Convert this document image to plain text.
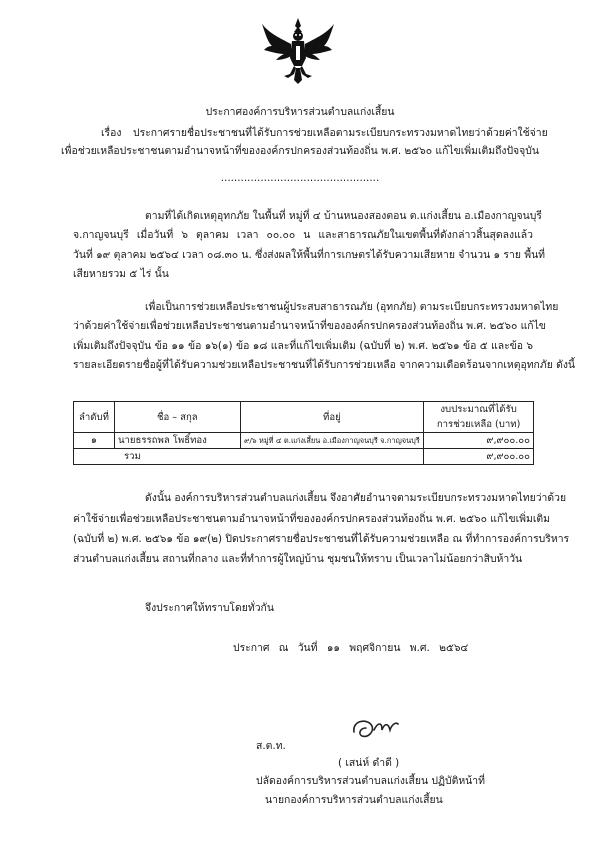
ประกาศองค์การบริหารส่วนตำบลแก่งเสี้ยน
เรื่อง ประกาศรายชื่อประชาชนที่ได้รับการช่วยเหลือตามระเบียบกระทรวงมหาดไทยว่าด้วยค่าใช้จ่าย
เพื่อช่วยเหลือประชาชนตามอำนาจหน้าที่ขององค์กรปกครองส่วนท้องถิ่น พ.ศ. ๒๕๖๐ แก้ไขเพิ่มเติมถึงปัจจุบัน
................................................
ตามที่ได้เกิดเหตุอุทกภัย ในพื้นที่ หมู่ที่ ๔ บ้านหนองสองตอน ต.แก่งเสี้ยน อ.เมืองกาญจนบุรี
จ.กาญจนบุรี เมื่อวันที่ ๖ ตุลาคม เวลา ๐๐.๐๐ น และสาธารณภัยในเขตพื้นที่ดังกล่าวสิ้นสุดลงแล้ว
วันที่ ๑๙ ตุลาคม ๒๕๖๔ เวลา ๐๘.๓๐ น. ซึ่งส่งผลให้พื้นที่การเกษตรได้รับความเสียหาย จำนวน ๑ ราย พื้นที่
เสียหายรวม ๕ ไร่ นั้น
เพื่อเป็นการช่วยเหลือประชาชนผู้ประสบสาธารณภัย (อุทกภัย) ตามระเบียบกระทรวงมหาดไทย
ว่าด้วยค่าใช้จ่ายเพื่อช่วยเหลือประชาชนตามอำนาจหน้าที่ขององค์กรปกครองส่วนท้องถิ่น พ.ศ. ๒๕๖๐ แก้ไข
เพิ่มเติมถึงปัจจุบัน ข้อ ๑๑ ข้อ ๑๖(๑) ข้อ ๑๘ และที่แก้ไขเพิ่มเติม (ฉบับที่ ๒) พ.ศ. ๒๕๖๑ ข้อ ๕ และข้อ ๖
รายละเอียดรายชื่อผู้ที่ได้รับความช่วยเหลือประชาชนที่ได้รับการช่วยเหลือ จากความเดือดร้อนจากเหตุอุทกภัย ดังนี้
ลำดับที่	ชื่อ – สกุล	ที่อยู่	งบประมาณที่ได้รับ
การช่วยเหลือ (บาท)

๑	นายธรรถพล โพธิ์ทอง	๙/๖ หมู่ที่ ๔ ต.แก่งเสี้ยน อ.เมืองกาญจนบุรี จ.กาญจนบุรี	๙,๙๐๐.๐๐
รวม			๙,๙๐๐.๐๐
ดังนั้น องค์การบริหารส่วนตำบลแก่งเสี้ยน จึงอาศัยอำนาจตามระเบียบกระทรวงมหาดไทยว่าด้วย
ค่าใช้จ่ายเพื่อช่วยเหลือประชาชนตามอำนาจหน้าที่ขององค์กรปกครองส่วนท้องถิ่น พ.ศ. ๒๕๖๐ แก้ไขเพิ่มเติม
(ฉบับที่ ๒) พ.ศ. ๒๕๖๑ ข้อ ๑๙(๒) ปิดประกาศรายชื่อประชาชนที่ได้รับความช่วยเหลือ ณ ที่ทำการองค์การบริหาร
ส่วนตำบลแก่งเสี้ยน สถานที่กลาง และที่ทำการผู้ใหญ่บ้าน ชุมชนให้ทราบ เป็นเวลาไม่น้อยกว่าสิบห้าวัน
จึงประกาศให้ทราบโดยทั่วกัน
ประกาศ ณ วันที่ ๑๑ พฤศจิกายน พ.ศ. ๒๕๖๔
ส.ต.ท.
( เสน่ห์ ดำดี )
ปลัดองค์การบริหารส่วนตำบลแก่งเสี้ยน ปฏิบัติหน้าที่
นายกองค์การบริหารส่วนตำบลแก่งเสี้ยน
